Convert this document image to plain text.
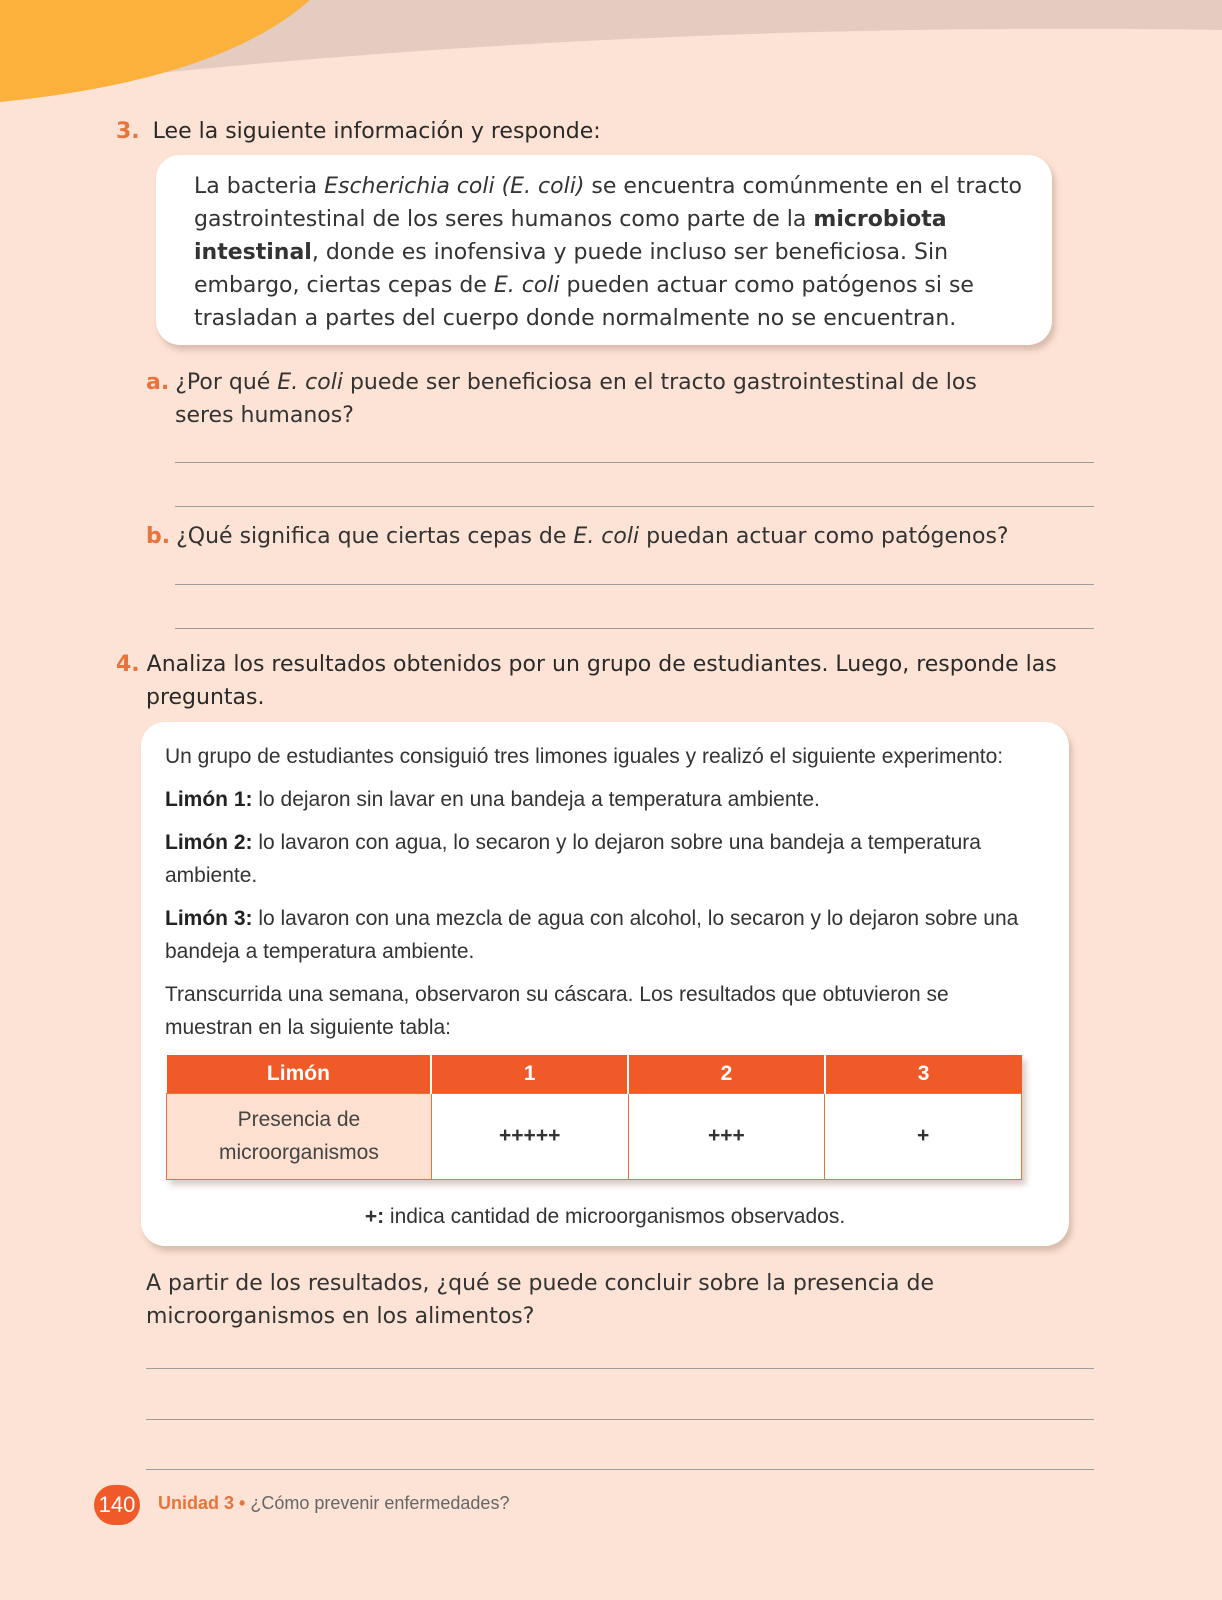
3. Lee la siguiente información y responde:

La bacteria Escherichia coli (E. coli) se encuentra comúnmente en el tracto gastrointestinal de los seres humanos como parte de la microbiota intestinal, donde es inofensiva y puede incluso ser beneficiosa. Sin embargo, ciertas cepas de E. coli pueden actuar como patógenos si se trasladan a partes del cuerpo donde normalmente no se encuentran.

a. ¿Por qué E. coli puede ser beneficiosa en el tracto gastrointestinal de los seres humanos?
b. ¿Qué significa que ciertas cepas de E. coli puedan actuar como patógenos?
4. Analiza los resultados obtenidos por un grupo de estudiantes. Luego, responde las preguntas.

Un grupo de estudiantes consiguió tres limones iguales y realizó el siguiente experimento:

Limón 1: lo dejaron sin lavar en una bandeja a temperatura ambiente.

Limón 2: lo lavaron con agua, lo secaron y lo dejaron sobre una bandeja a temperatura ambiente.

Limón 3: lo lavaron con una mezcla de agua con alcohol, lo secaron y lo dejaron sobre una bandeja a temperatura ambiente.

Transcurrida una semana, observaron su cáscara. Los resultados que obtuvieron se muestran en la siguiente tabla:

Limón	1	2	3
Presencia de microorganismos	+++++	+++	+
+: indica cantidad de microorganismos observados.
A partir de los resultados, ¿qué se puede concluir sobre la presencia de microorganismos en los alimentos?
140 Unidad 3 • ¿Cómo prevenir enfermedades?
